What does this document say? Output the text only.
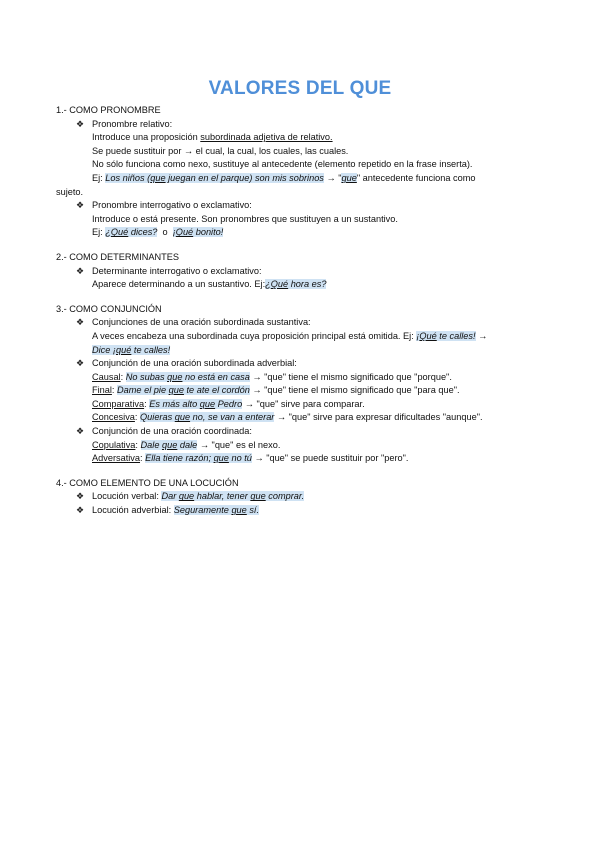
VALORES DEL QUE
1.- COMO PRONOMBRE
❖ Pronombre relativo:
Introduce una proposición subordinada adjetiva de relativo.
Se puede sustituir por → el cual, la cual, los cuales, las cuales.
No sólo funciona como nexo, sustituye al antecedente (elemento repetido en la frase inserta).
Ej: Los niños (que juegan en el parque) son mis sobrinos → "que" antecedente funciona como
sujeto.
❖ Pronombre interrogativo o exclamativo:
Introduce o está presente. Son pronombres que sustituyen a un sustantivo.
Ej: ¿Qué dices?  o  ¡Qué bonito!
2.- COMO DETERMINANTES
❖ Determinante interrogativo o exclamativo:
Aparece determinando a un sustantivo. Ej:¿Qué hora es?
3.- COMO CONJUNCIÓN
❖ Conjunciones de una oración subordinada sustantiva:
A veces encabeza una subordinada cuya proposición principal está omitida. Ej: ¡Qué te calles! →
Dice ¡qué te calles!
❖ Conjunción de una oración subordinada adverbial:
Causal: No subas que no está en casa → "que" tiene el mismo significado que "porque".
Final: Dame el pie que te ate el cordón → "que" tiene el mismo significado que "para que".
Comparativa: Es más alto que Pedro → "que" sirve para comparar.
Concesiva: Quieras que no, se van a enterar → "que" sirve para expresar dificultades "aunque".
❖ Conjunción de una oración coordinada:
Copulativa: Dale que dale → "que" es el nexo.
Adversativa: Ella tiene razón; que no tú → "que" se puede sustituir por "pero".
4.- COMO ELEMENTO DE UNA LOCUCIÓN
❖ Locución verbal: Dar que hablar, tener que comprar.
❖ Locución adverbial: Seguramente que sí.
